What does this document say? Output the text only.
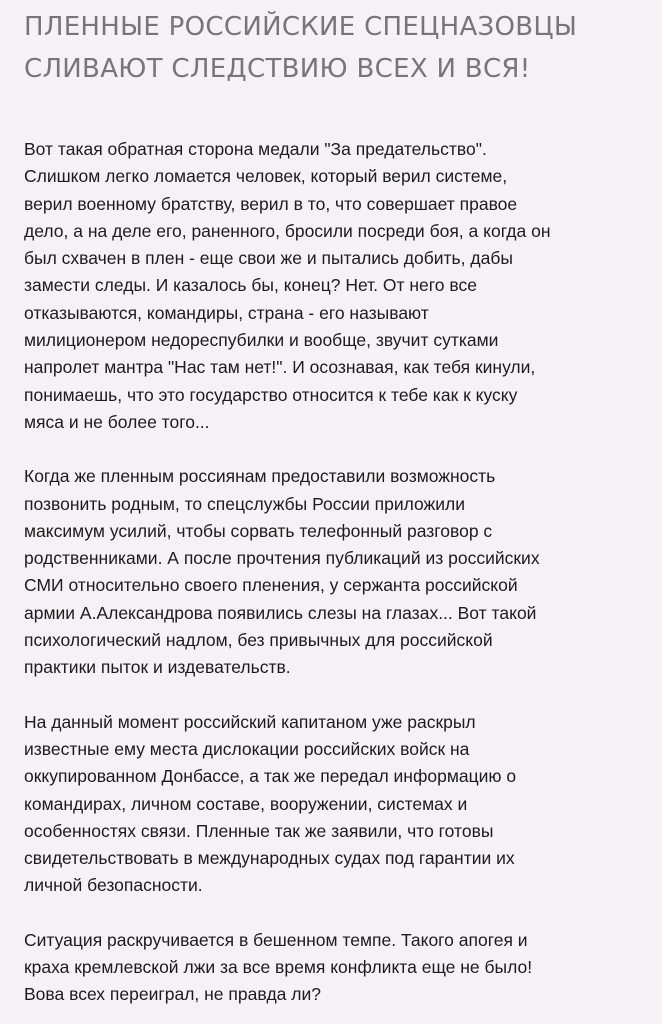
ПЛЕННЫЕ РОССИЙСКИЕ СПЕЦНАЗОВЦЫ
СЛИВАЮТ СЛЕДСТВИЮ ВСЕХ И ВСЯ!

Вот такая обратная сторона медали "За предательство".
Слишком легко ломается человек, который верил системе,
верил военному братству, верил в то, что совершает правое
дело, а на деле его, раненного, бросили посреди боя, а когда он
был схвачен в плен - еще свои же и пытались добить, дабы
замести следы. И казалось бы, конец? Нет. От него все
отказываются, командиры, страна - его называют
милиционером недореспубилки и вообще, звучит сутками
напролет мантра "Нас там нет!". И осознавая, как тебя кинули,
понимаешь, что это государство относится к тебе как к куску
мяса и не более того...

Когда же пленным россиянам предоставили возможность
позвонить родным, то спецслужбы России приложили
максимум усилий, чтобы сорвать телефонный разговор с
родственниками. А после прочтения публикаций из российских
СМИ относительно своего пленения, у сержанта российской
армии А.Александрова появились слезы на глазах... Вот такой
психологический надлом, без привычных для российской
практики пыток и издевательств.

На данный момент российский капитаном уже раскрыл
известные ему места дислокации российских войск на
оккупированном Донбассе, а так же передал информацию о
командирах, личном составе, вооружении, системах и
особенностях связи. Пленные так же заявили, что готовы
свидетельствовать в международных судах под гарантии их
личной безопасности.

Ситуация раскручивается в бешенном темпе. Такого апогея и
краха кремлевской лжи за все время конфликта еще не было!
Вова всех переиграл, не правда ли?
